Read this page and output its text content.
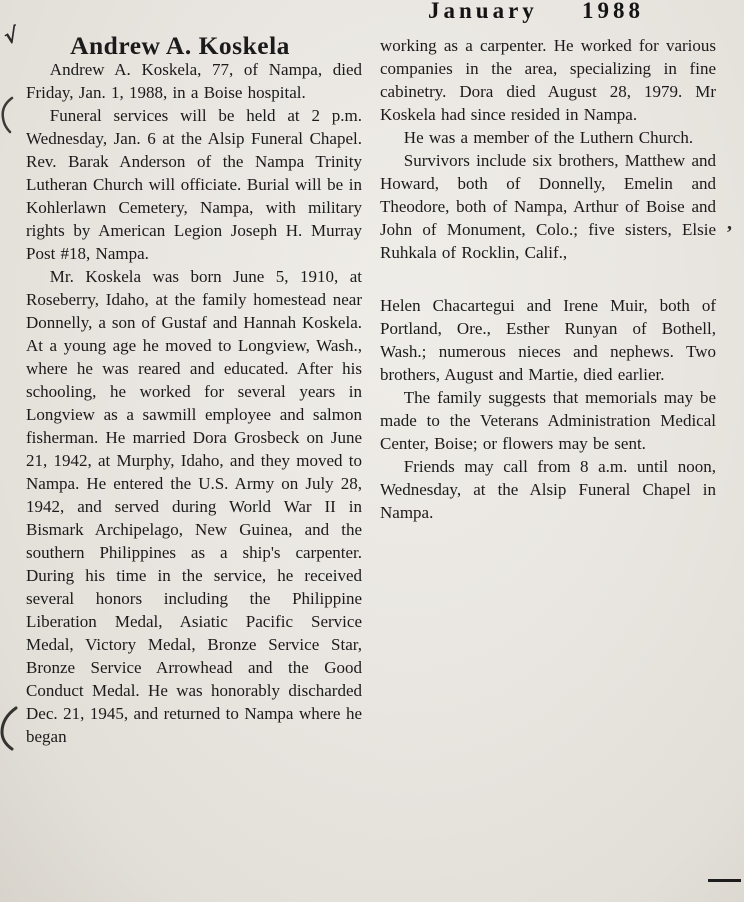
January 1988
√	Andrew A. Koskela

Andrew A. Koskela, 77, of Nampa, died Friday, Jan. 1, 1988, in a Boise hospital.

Funeral services will be held at 2 p.m. Wednesday, Jan. 6 at the Alsip Funeral Chapel. Rev. Barak Anderson of the Nampa Trinity Lutheran Church will officiate. Burial will be in Kohlerlawn Cemetery, Nampa, with military rights by American Legion Joseph H. Murray Post #18, Nampa.

Mr. Koskela was born June 5, 1910, at Roseberry, Idaho, at the family homestead near Donnelly, a son of Gustaf and Hannah Koskela. At a young age he moved to Longview, Wash., where he was reared and educated. After his schooling, he worked for several years in Longview as a sawmill employee and salmon fisherman. He married Dora Grosbeck on June 21, 1942, at Murphy, Idaho, and they moved to Nampa. He entered the U.S. Army on July 28, 1942, and served during World War II in Bismark Archipelago, New Guinea, and the southern Philippines as a ship's carpenter. During his time in the service, he received several honors including the Philippine Liberation Medal, Asiatic Pacific Service Medal, Victory Medal, Bronze Service Star, Bronze Service Arrowhead and the Good Conduct Medal. He was honorably discharded Dec. 21, 1945, and returned to Nampa where he began

working as a carpenter. He worked for various companies in the area, specializing in fine cabinetry. Dora died August 28, 1979. Mr Koskela had since resided in Nampa.

He was a member of the Luthern Church.

Survivors include six brothers, Matthew and Howard, both of Donnelly, Emelin and Theodore, both of Nampa, Arthur of Boise and John of Monument, Colo.; five sisters, Elsie Ruhkala of Rocklin, Calif.,

Helen Chacartegui and Irene Muir, both of Portland, Ore., Esther Runyan of Bothell, Wash.; numerous nieces and nephews. Two brothers, August and Martie, died earlier.

The family suggests that memorials may be made to the Veterans Administration Medical Center, Boise; or flowers may be sent.

Friends may call from 8 a.m. until noon, Wednesday, at the Alsip Funeral Chapel in Nampa.

’
